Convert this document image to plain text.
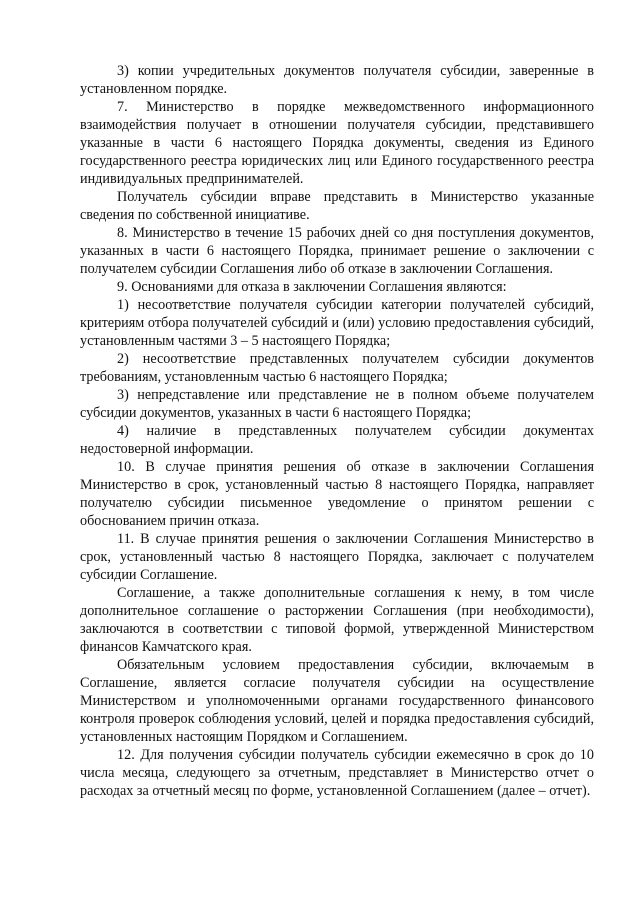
3) копии учредительных документов получателя субсидии, заверенные в установленном порядке.

7. Министерство в порядке межведомственного информационного взаимодействия получает в отношении получателя субсидии, представившего указанные в части 6 настоящего Порядка документы, сведения из Единого государственного реестра юридических лиц или Единого государственного реестра индивидуальных предпринимателей.

Получатель субсидии вправе представить в Министерство указанные сведения по собственной инициативе.

8. Министерство в течение 15 рабочих дней со дня поступления документов, указанных в части 6 настоящего Порядка, принимает решение о заключении с получателем субсидии Соглашения либо об отказе в заключении Соглашения.

9. Основаниями для отказа в заключении Соглашения являются:

1) несоответствие получателя субсидии категории получателей субсидий, критериям отбора получателей субсидий и (или) условию предоставления субсидий, установленным частями 3 – 5 настоящего Порядка;

2) несоответствие представленных получателем субсидии документов требованиям, установленным частью 6 настоящего Порядка;

3) непредставление или представление не в полном объеме получателем субсидии документов, указанных в части 6 настоящего Порядка;

4) наличие в представленных получателем субсидии документах недостоверной информации.

10. В случае принятия решения об отказе в заключении Соглашения Министерство в срок, установленный частью 8 настоящего Порядка, направляет получателю субсидии письменное уведомление о принятом решении с обоснованием причин отказа.

11. В случае принятия решения о заключении Соглашения Министерство в срок, установленный частью 8 настоящего Порядка, заключает с получателем субсидии Соглашение.

Соглашение, а также дополнительные соглашения к нему, в том числе дополнительное соглашение о расторжении Соглашения (при необходимости), заключаются в соответствии с типовой формой, утвержденной Министерством финансов Камчатского края.

Обязательным условием предоставления субсидии, включаемым в Соглашение, является согласие получателя субсидии на осуществление Министерством и уполномоченными органами государственного финансового контроля проверок соблюдения условий, целей и порядка предоставления субсидий, установленных настоящим Порядком и Соглашением.

12. Для получения субсидии получатель субсидии ежемесячно в срок до 10 числа месяца, следующего за отчетным, представляет в Министерство отчет о расходах за отчетный месяц по форме, установленной Соглашением (далее – отчет).
